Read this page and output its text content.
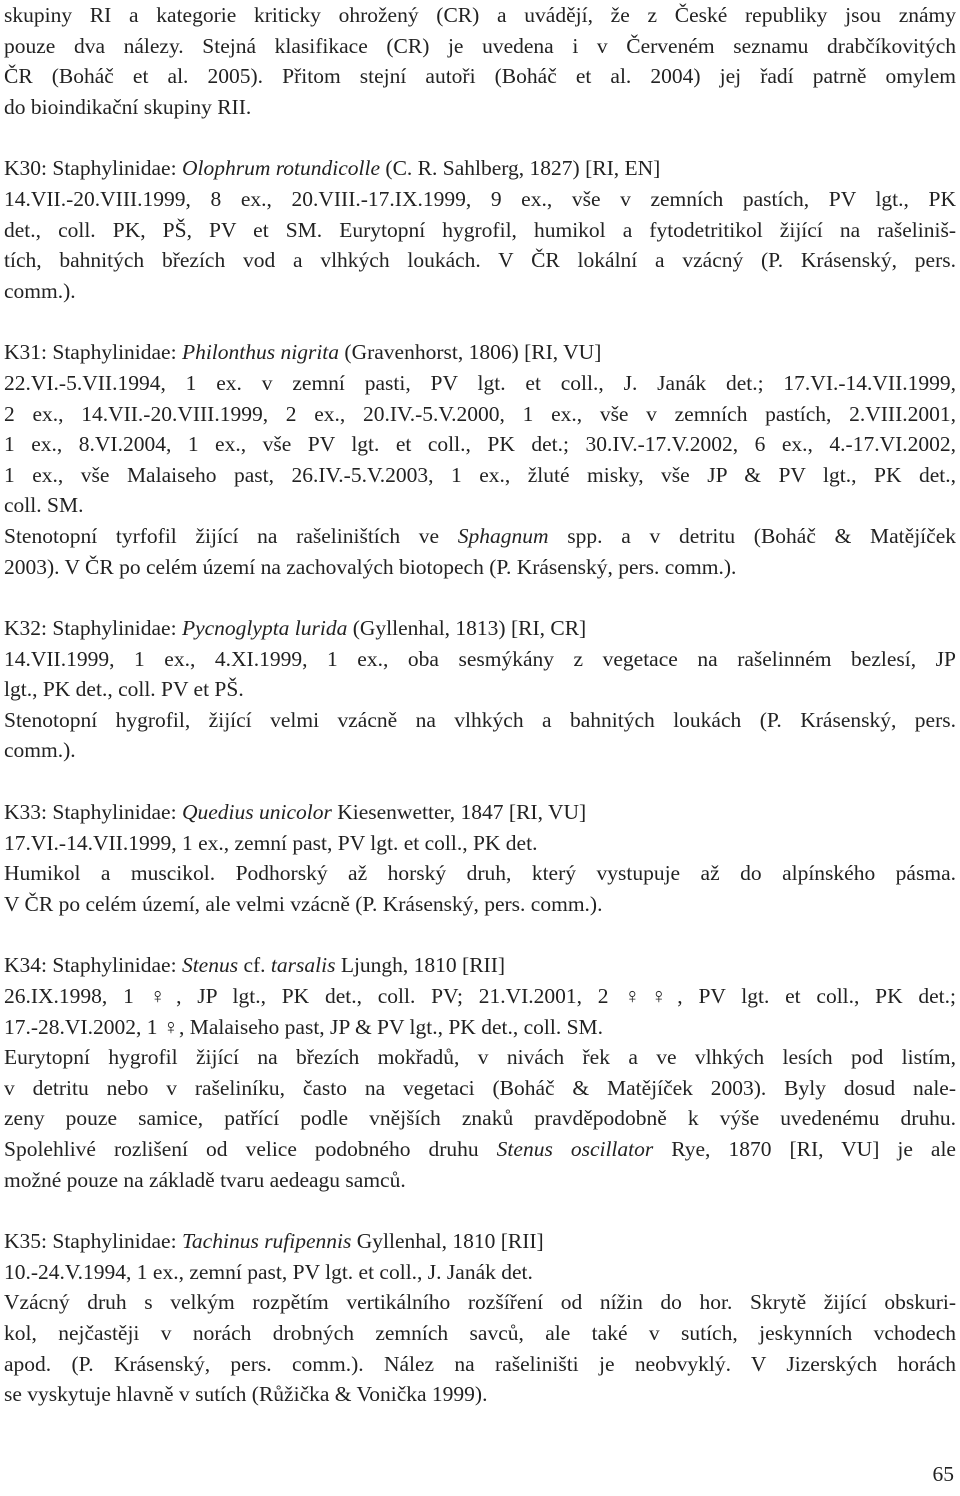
skupiny RI a kategorie kriticky ohrožený (CR) a uvádějí, že z České republiky jsou známy
pouze dva nálezy. Stejná klasifikace (CR) je uvedena i v Červeném seznamu drabčíkovitých
ČR (Boháč et al. 2005). Přitom stejní autoři (Boháč et al. 2004) jej řadí patrně omylem
do bioindikační skupiny RII.
K30: Staphylinidae: Olophrum rotundicolle (C. R. Sahlberg, 1827) [RI, EN]
14.VII.-20.VIII.1999, 8 ex., 20.VIII.-17.IX.1999, 9 ex., vše v zemních pastích, PV lgt., PK
det., coll. PK, PŠ, PV et SM. Eurytopní hygrofil, humikol a fytodetritikol žijící na rašeliniš-
tích, bahnitých březích vod a vlhkých loukách. V ČR lokální a vzácný (P. Krásenský, pers.
comm.).
K31: Staphylinidae: Philonthus nigrita (Gravenhorst, 1806) [RI, VU]
22.VI.-5.VII.1994, 1 ex. v zemní pasti, PV lgt. et coll., J. Janák det.; 17.VI.-14.VII.1999,
2 ex., 14.VII.-20.VIII.1999, 2 ex., 20.IV.-5.V.2000, 1 ex., vše v zemních pastích, 2.VIII.2001,
1 ex., 8.VI.2004, 1 ex., vše PV lgt. et coll., PK det.; 30.IV.-17.V.2002, 6 ex., 4.-17.VI.2002,
1 ex., vše Malaiseho past, 26.IV.-5.V.2003, 1 ex., žluté misky, vše JP & PV lgt., PK det.,
coll. SM.
Stenotopní tyrfofil žijící na rašeliništích ve Sphagnum spp. a v detritu (Boháč & Matějíček
2003). V ČR po celém území na zachovalých biotopech (P. Krásenský, pers. comm.).
K32: Staphylinidae: Pycnoglypta lurida (Gyllenhal, 1813) [RI, CR]
14.VII.1999, 1 ex., 4.XI.1999, 1 ex., oba sesmýkány z vegetace na rašelinném bezlesí, JP
lgt., PK det., coll. PV et PŠ.
Stenotopní hygrofil, žijící velmi vzácně na vlhkých a bahnitých loukách (P. Krásenský, pers.
comm.).
K33: Staphylinidae: Quedius unicolor Kiesenwetter, 1847 [RI, VU]
17.VI.-14.VII.1999, 1 ex., zemní past, PV lgt. et coll., PK det.
Humikol a muscikol. Podhorský až horský druh, který vystupuje až do alpínského pásma.
V ČR po celém území, ale velmi vzácně (P. Krásenský, pers. comm.).
K34: Staphylinidae: Stenus cf. tarsalis Ljungh, 1810 [RII]
26.IX.1998, 1 ♀, JP lgt., PK det., coll. PV; 21.VI.2001, 2 ♀♀, PV lgt. et coll., PK det.;
17.-28.VI.2002, 1 ♀, Malaiseho past, JP & PV lgt., PK det., coll. SM.
Eurytopní hygrofil žijící na březích mokřadů, v nivách řek a ve vlhkých lesích pod listím,
v detritu nebo v rašeliníku, často na vegetaci (Boháč & Matějíček 2003). Byly dosud nale-
zeny pouze samice, patřící podle vnějších znaků pravděpodobně k výše uvedenému druhu.
Spolehlivé rozlišení od velice podobného druhu Stenus oscillator Rye, 1870 [RI, VU] je ale
možné pouze na základě tvaru aedeagu samců.
K35: Staphylinidae: Tachinus rufipennis Gyllenhal, 1810 [RII]
10.-24.V.1994, 1 ex., zemní past, PV lgt. et coll., J. Janák det.
Vzácný druh s velkým rozpětím vertikálního rozšíření od nížin do hor. Skrytě žijící obskuri-
kol, nejčastěji v norách drobných zemních savců, ale také v sutích, jeskynních vchodech
apod. (P. Krásenský, pers. comm.). Nález na rašeliništi je neobvyklý. V Jizerských horách
se vyskytuje hlavně v sutích (Růžička & Vonička 1999).
65
